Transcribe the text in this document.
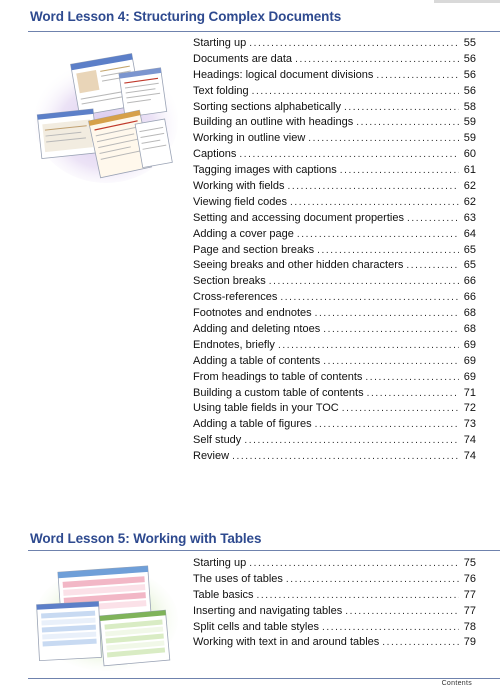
Word Lesson 4: Structuring Complex Documents
Starting up .....	55
Documents are data .....	56
Headings: logical document divisions .....	56
Text folding .....	56
Sorting sections alphabetically .....	58
Building an outline with headings .....	59
Working in outline view .....	59
Captions .....	60
Tagging images with captions .....	61
Working with fields .....	62
Viewing field codes .....	62
Setting and accessing document properties .....	63
Adding a cover page .....	64
Page and section breaks .....	65
Seeing breaks and other hidden characters .....	65
Section breaks .....	66
Cross-references .....	66
Footnotes and endnotes .....	68
Adding and deleting ntoes .....	68
Endnotes, briefly .....	69
Adding a table of contents .....	69
From headings to table of contents .....	69
Building a custom table of contents .....	71
Using table fields in your TOC .....	72
Adding a table of figures .....	73
Self study .....	74
Review .....	74
Word Lesson 5: Working with Tables
Starting up .....	75
The uses of tables .....	76
Table basics .....	77
Inserting and navigating tables .....	77
Split cells and table styles .....	78
Working with text in and around tables .....	79
Contents
